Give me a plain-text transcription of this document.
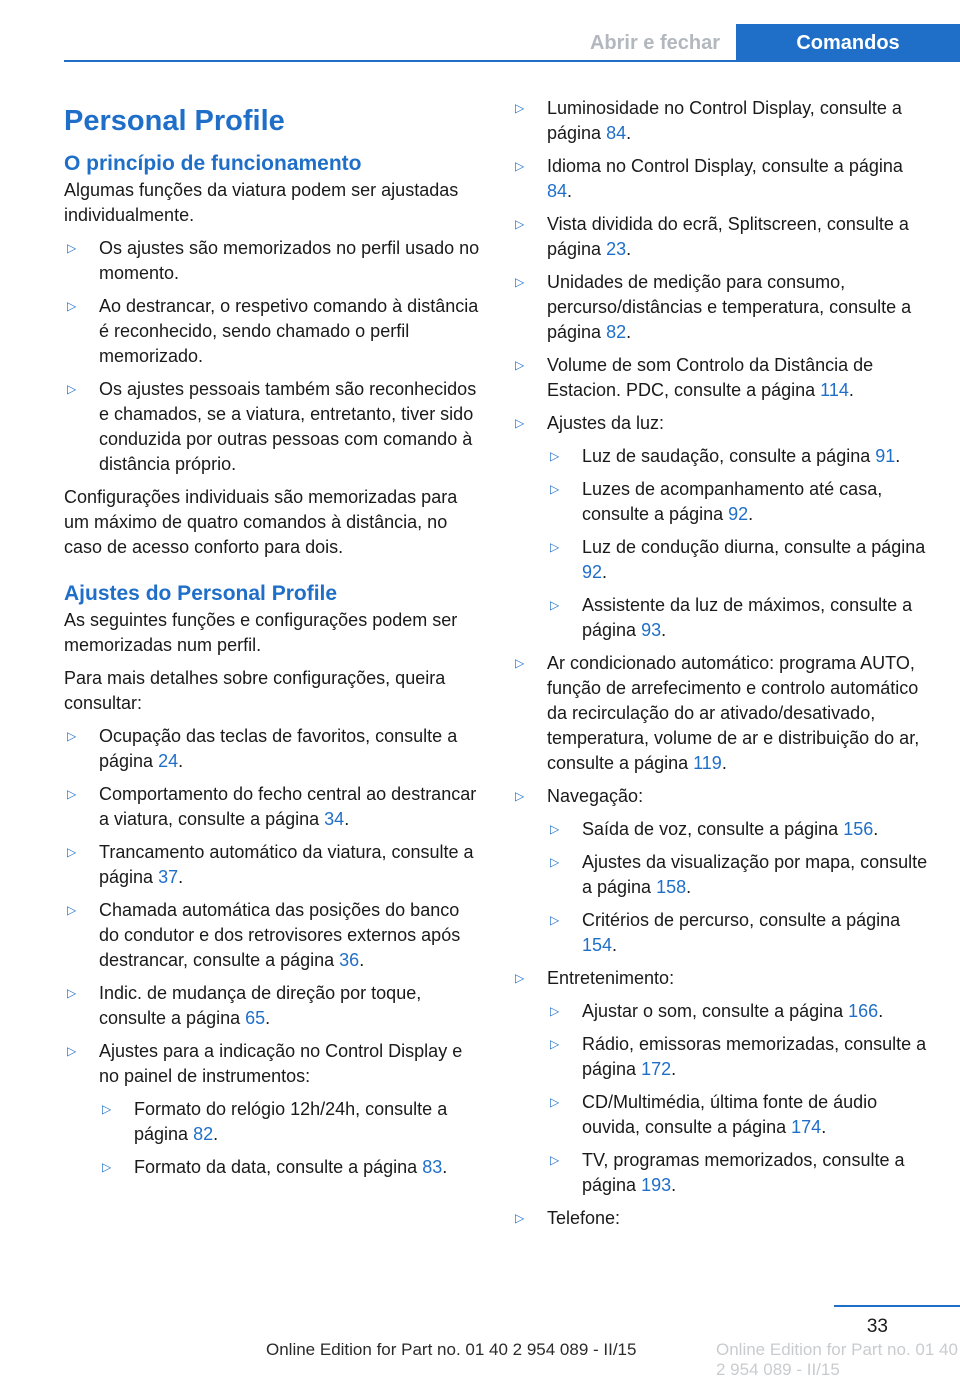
Abrir e fechar	Comandos
Personal Profile
O princípio de funcionamento

Algumas funções da viatura podem ser ajustadas individualmente.

▷ Os ajustes são memorizados no perfil usado no momento.
▷ Ao destrancar, o respetivo comando à distância é reconhecido, sendo chamado o perfil memorizado.
▷ Os ajustes pessoais também são reconhecidos e chamados, se a viatura, entretanto, tiver sido conduzida por outras pessoas com comando à distância próprio.

Configurações individuais são memorizadas para um máximo de quatro comandos à distância, no caso de acesso conforto para dois.

Ajustes do Personal Profile

As seguintes funções e configurações podem ser memorizadas num perfil.

Para mais detalhes sobre configurações, queira consultar:

▷ Ocupação das teclas de favoritos, consulte a página 24.
▷ Comportamento do fecho central ao destrancar a viatura, consulte a página 34.
▷ Trancamento automático da viatura, consulte a página 37.
▷ Chamada automática das posições do banco do condutor e dos retrovisores externos após destrancar, consulte a página 36.
▷ Indic. de mudança de direção por toque, consulte a página 65.
▷ Ajustes para a indicação no Control Display e no painel de instrumentos:
▷ Formato do relógio 12h/24h, consulte a página 82.
▷ Formato da data, consulte a página 83.
▷ Luminosidade no Control Display, consulte a página 84.
▷ Idioma no Control Display, consulte a página 84.
▷ Vista dividida do ecrã, Splitscreen, consulte a página 23.
▷ Unidades de medição para consumo, percurso/distâncias e temperatura, consulte a página 82.
▷ Volume de som Controlo da Distância de Estacion. PDC, consulte a página 114.
▷ Ajustes da luz:
▷ Luz de saudação, consulte a página 91.
▷ Luzes de acompanhamento até casa, consulte a página 92.
▷ Luz de condução diurna, consulte a página 92.
▷ Assistente da luz de máximos, consulte a página 93.
▷ Ar condicionado automático: programa AUTO, função de arrefecimento e controlo automático da recirculação do ar ativado/desativado, temperatura, volume de ar e distribuição do ar, consulte a página 119.
▷ Navegação:
▷ Saída de voz, consulte a página 156.
▷ Ajustes da visualização por mapa, consulte a página 158.
▷ Critérios de percurso, consulte a página 154.
▷ Entretenimento:
▷ Ajustar o som, consulte a página 166.
▷ Rádio, emissoras memorizadas, consulte a página 172.
▷ CD/Multimédia, última fonte de áudio ouvida, consulte a página 174.
▷ TV, programas memorizados, consulte a página 193.
▷ Telefone:
33
Online Edition for Part no. 01 40 2 954 089 - II/15	Online Edition for Part no. 01 40 2 954 089 - II/15
